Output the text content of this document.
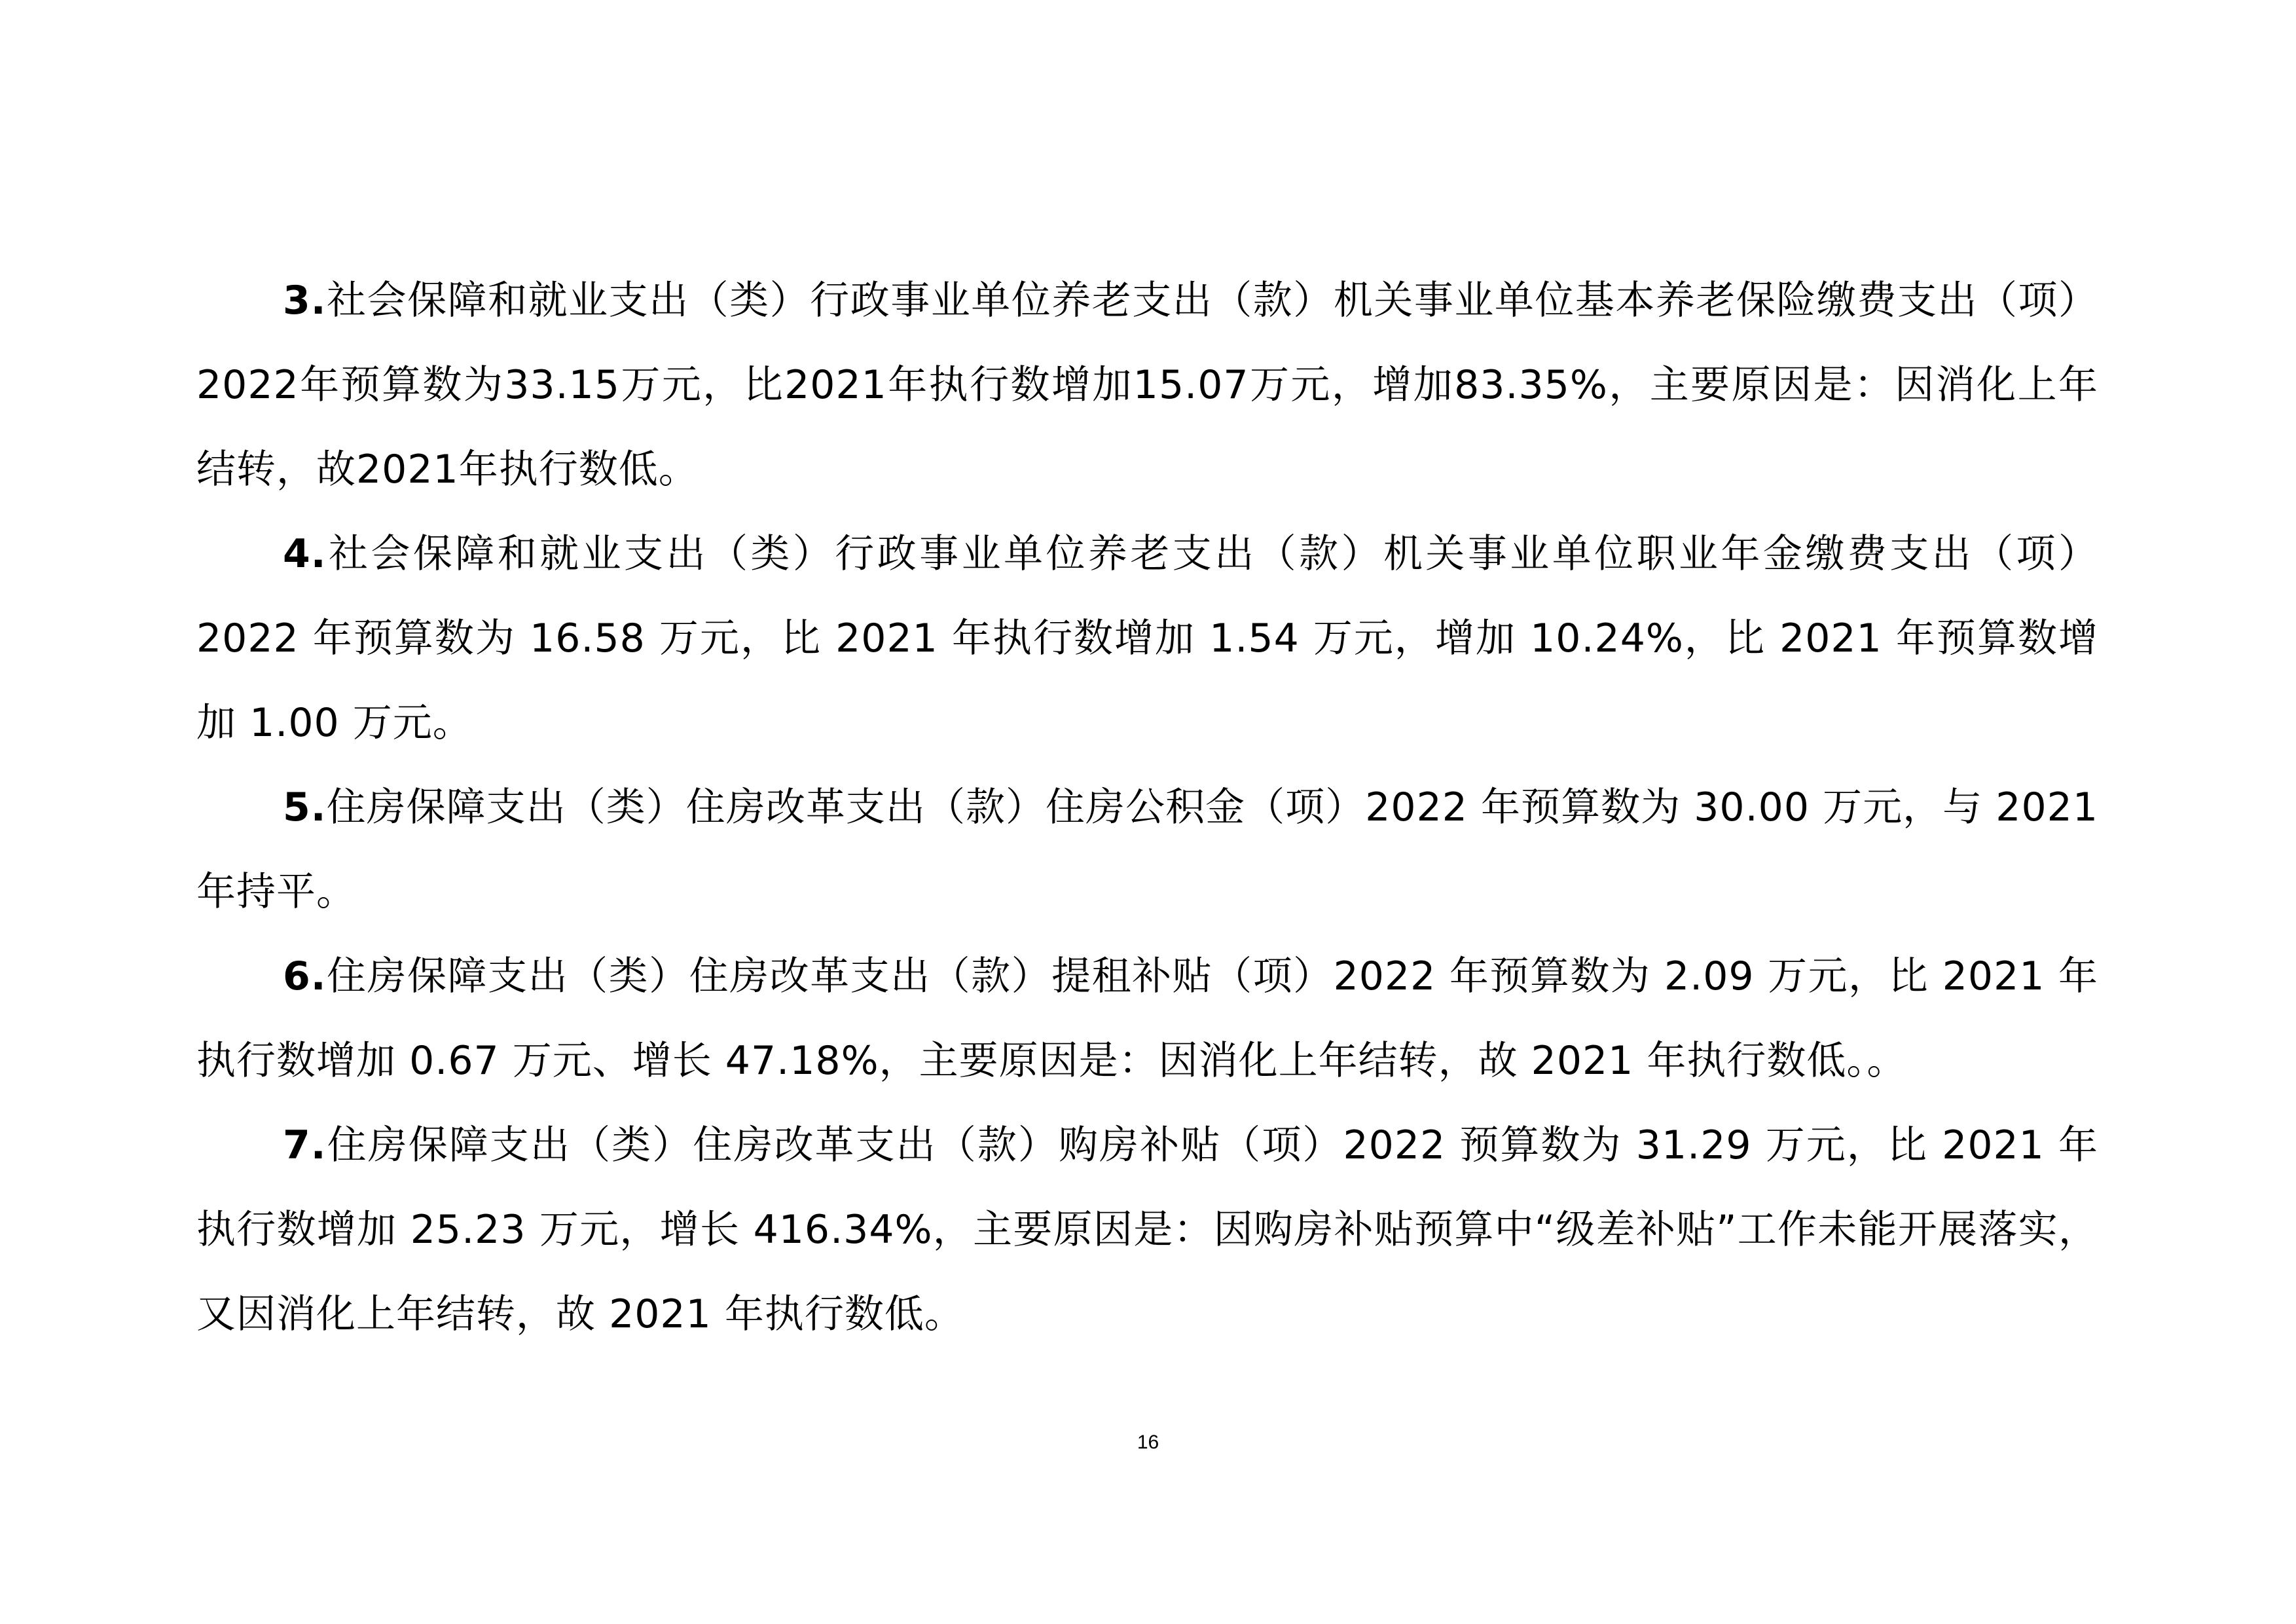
3.社会保障和就业支出（类）行政事业单位养老支出（款）机关事业单位基本养老保险缴费支出（项）2022年预算数为33.15万元，比2021年执行数增加15.07万元，增加83.35%，主要原因是：因消化上年结转，故2021年执行数低。

4.社会保障和就业支出（类）行政事业单位养老支出（款）机关事业单位职业年金缴费支出（项）2022 年预算数为 16.58 万元，比 2021 年执行数增加 1.54 万元，增加 10.24%，比 2021 年预算数增加 1.00 万元。

5.住房保障支出（类）住房改革支出（款）住房公积金（项）2022 年预算数为 30.00 万元，与 2021 年持平。

6.住房保障支出（类）住房改革支出（款）提租补贴（项）2022 年预算数为 2.09 万元，比 2021 年执行数增加 0.67 万元、增长 47.18%，主要原因是：因消化上年结转，故 2021 年执行数低。。

7.住房保障支出（类）住房改革支出（款）购房补贴（项）2022 预算数为 31.29 万元，比 2021 年执行数增加 25.23 万元，增长 416.34%，主要原因是：因购房补贴预算中“级差补贴”工作未能开展落实，又因消化上年结转，故 2021 年执行数低。

16
